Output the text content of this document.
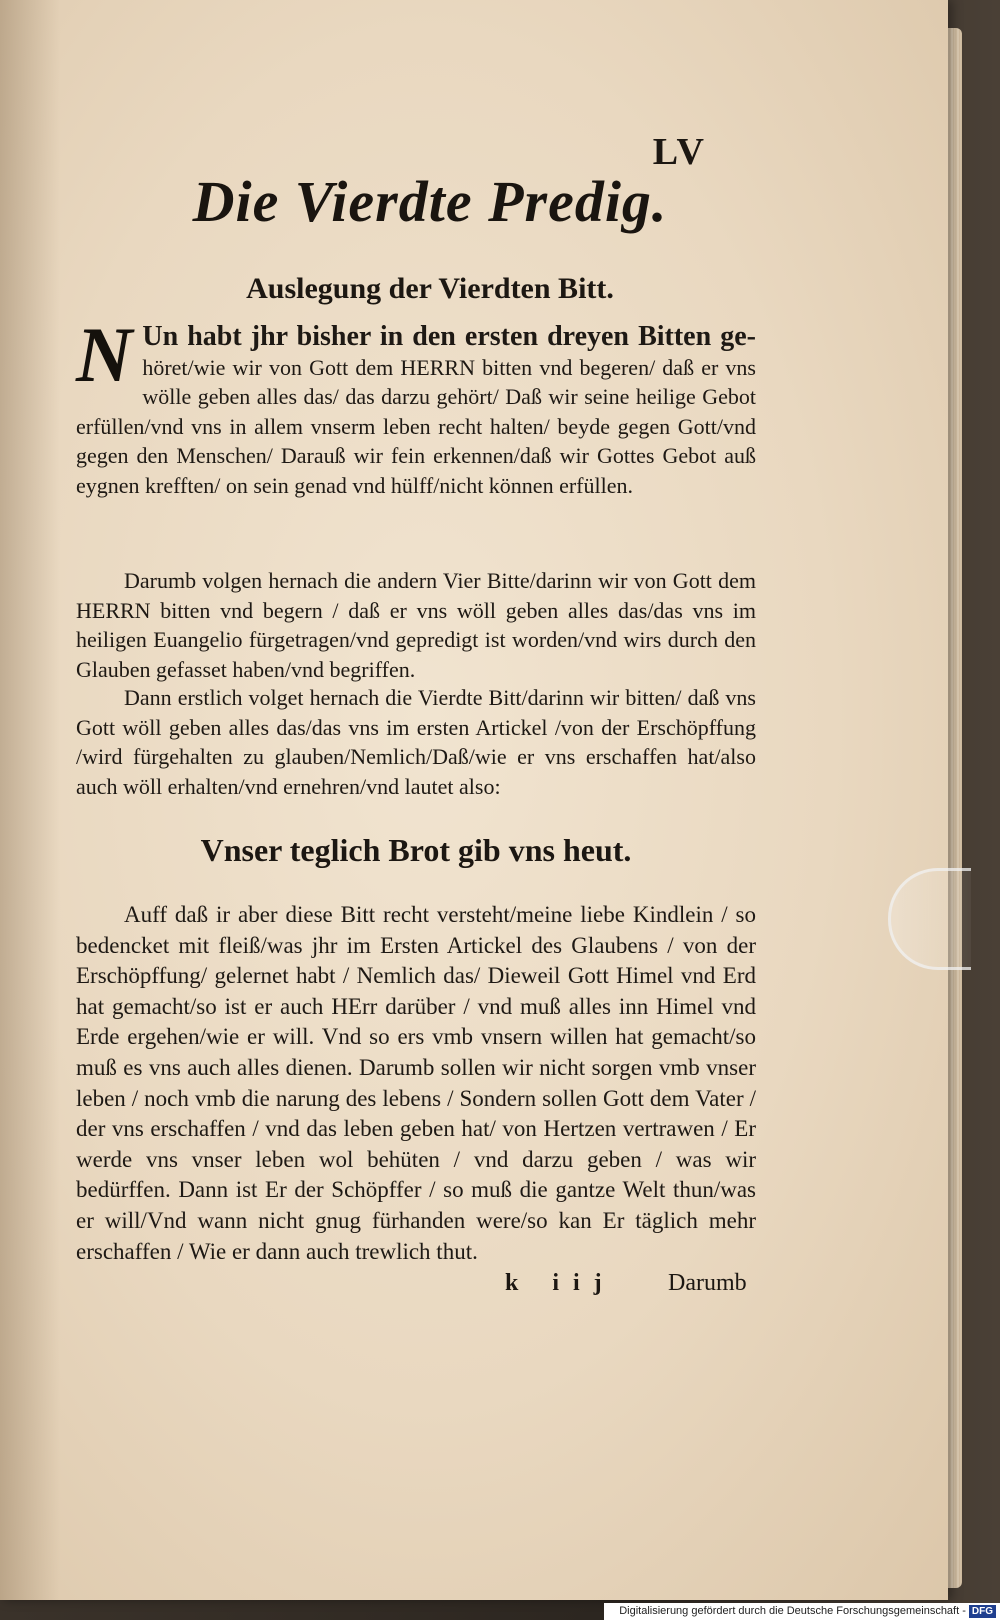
LV
Die Vierdte Predig.
Auslegung der Vierdten Bitt.

N Un habt jhr bisher in den ersten dreyen Bitten ge- höret/wie wir von Gott dem HERRN bitten vnd begeren/ daß er vns wölle geben alles das/ das darzu gehört/ Daß wir seine heilige Gebot erfüllen/vnd vns in allem vnserm leben recht halten/ beyde gegen Gott/vnd gegen den Menschen/ Darauß wir fein erkennen/daß wir Gottes Gebot auß eygnen krefften/ on sein genad vnd hülff/nicht können erfüllen.

Darumb volgen hernach die andern Vier Bitte/darinn wir von Gott dem HERRN bitten vnd begern / daß er vns wöll geben alles das/das vns im heiligen Euangelio fürgetragen/vnd gepredigt ist worden/vnd wirs durch den Glauben gefasset haben/vnd begriffen.

Dann erstlich volget hernach die Vierdte Bitt/darinn wir bitten/ daß vns Gott wöll geben alles das/das vns im ersten Artickel /von der Erschöpffung /wird fürgehalten zu glauben/Nemlich/Daß/wie er vns erschaffen hat/also auch wöll erhalten/vnd ernehren/vnd lautet also:

Vnser teglich Brot gib vns heut.

Auff daß ir aber diese Bitt recht versteht/meine liebe Kindlein / so bedencket mit fleiß/was jhr im Ersten Artickel des Glaubens / von der Erschöpffung/ gelernet habt / Nemlich das/ Dieweil Gott Himel vnd Erd hat gemacht/so ist er auch HErr darüber / vnd muß alles inn Himel vnd Erde ergehen/wie er will. Vnd so ers vmb vnsern willen hat gemacht/so muß es vns auch alles dienen. Darumb sollen wir nicht sorgen vmb vnser leben / noch vmb die narung des lebens / Sondern sollen Gott dem Vater / der vns erschaffen / vnd das leben geben hat/ von Hertzen vertrawen / Er werde vns vnser leben wol behüten / vnd darzu geben / was wir bedürffen. Dann ist Er der Schöpffer / so muß die gantze Welt thun/was er will/Vnd wann nicht gnug fürhanden were/so kan Er täglich mehr erschaffen / Wie er dann auch trewlich thut.

k iij Darumb
Digitalisierung gefördert durch die Deutsche Forschungsgemeinschaft - DFG
